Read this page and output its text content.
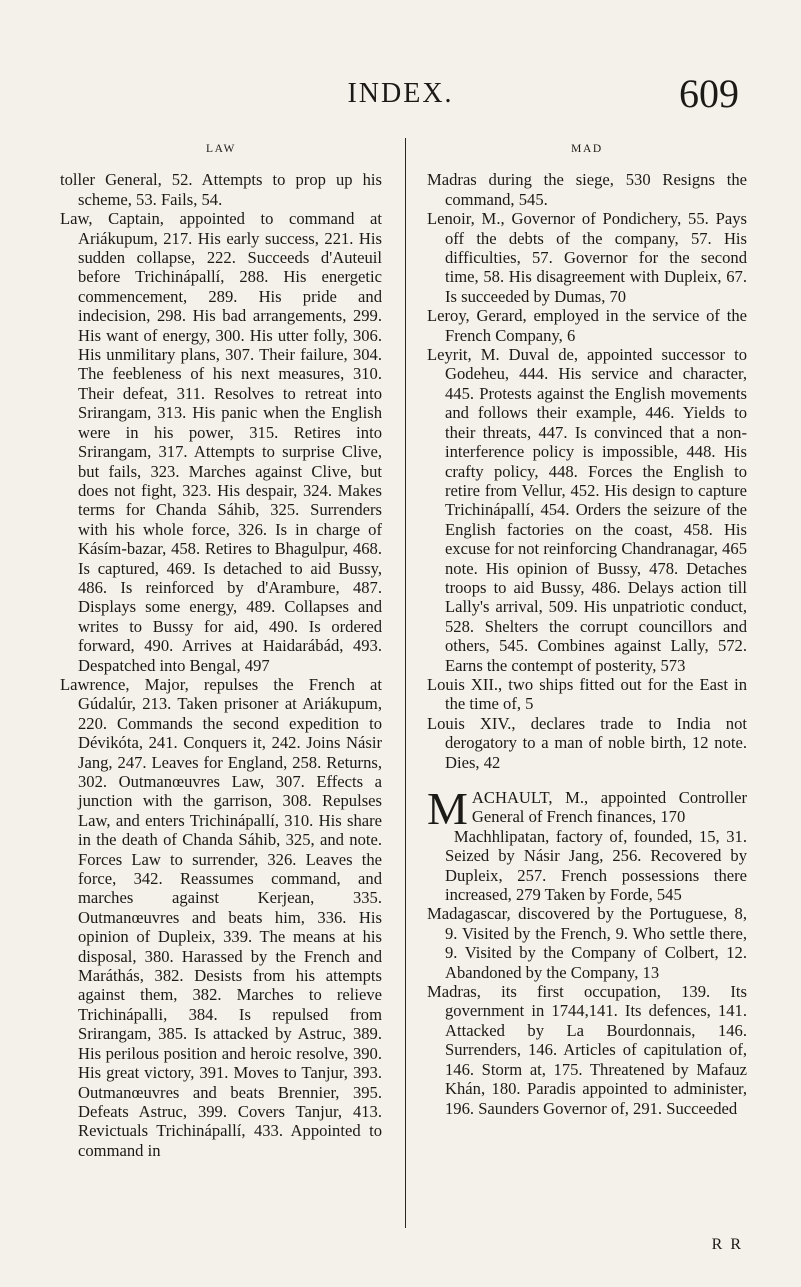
INDEX.	609
LAW

toller General, 52. Attempts to prop up his scheme, 53. Fails, 54.

Law, Captain, appointed to command at Ariákupum, 217. His early success, 221. His sudden collapse, 222. Succeeds d'Auteuil before Trichinápallí, 288. His energetic commencement, 289. His pride and indecision, 298. His bad arrangements, 299. His want of energy, 300. His utter folly, 306. His unmilitary plans, 307. Their failure, 304. The feebleness of his next measures, 310. Their defeat, 311. Resolves to retreat into Srirangam, 313. His panic when the English were in his power, 315. Retires into Srirangam, 317. Attempts to surprise Clive, but fails, 323. Marches against Clive, but does not fight, 323. His despair, 324. Makes terms for Chanda Sáhib, 325. Surrenders with his whole force, 326. Is in charge of Kásím-bazar, 458. Retires to Bhagulpur, 468. Is captured, 469. Is detached to aid Bussy, 486. Is reinforced by d'Arambure, 487. Displays some energy, 489. Collapses and writes to Bussy for aid, 490. Is ordered forward, 490. Arrives at Haidarábád, 493. Despatched into Bengal, 497

Lawrence, Major, repulses the French at Gúdalúr, 213. Taken prisoner at Ariákupum, 220. Commands the second expedition to Dévikóta, 241. Conquers it, 242. Joins Násir Jang, 247. Leaves for England, 258. Returns, 302. Outmanœuvres Law, 307. Effects a junction with the garrison, 308. Repulses Law, and enters Trichinápallí, 310. His share in the death of Chanda Sáhib, 325, and note. Forces Law to surrender, 326. Leaves the force, 342. Reassumes command, and marches against Kerjean, 335. Outmanœuvres and beats him, 336. His opinion of Dupleix, 339. The means at his disposal, 380. Harassed by the French and Maráthás, 382. Desists from his attempts against them, 382. Marches to relieve Trichinápalli, 384. Is repulsed from Srirangam, 385. Is attacked by Astruc, 389. His perilous position and heroic resolve, 390. His great victory, 391. Moves to Tanjur, 393. Outmanœuvres and beats Brennier, 395. Defeats Astruc, 399. Covers Tanjur, 413. Revictuals Trichinápallí, 433. Appointed to command in

MAD

Madras during the siege, 530 Resigns the command, 545.

Lenoir, M., Governor of Pondichery, 55. Pays off the debts of the company, 57. His difficulties, 57. Governor for the second time, 58. His disagreement with Dupleix, 67. Is succeeded by Dumas, 70

Leroy, Gerard, employed in the service of the French Company, 6

Leyrit, M. Duval de, appointed successor to Godeheu, 444. His service and character, 445. Protests against the English movements and follows their example, 446. Yields to their threats, 447. Is convinced that a non-interference policy is impossible, 448. His crafty policy, 448. Forces the English to retire from Vellur, 452. His design to capture Trichinápallí, 454. Orders the seizure of the English factories on the coast, 458. His excuse for not reinforcing Chandranagar, 465 note. His opinion of Bussy, 478. Detaches troops to aid Bussy, 486. Delays action till Lally's arrival, 509. His unpatriotic conduct, 528. Shelters the corrupt councillors and others, 545. Combines against Lally, 572. Earns the contempt of posterity, 573

Louis XII., two ships fitted out for the East in the time of, 5

Louis XIV., declares trade to India not derogatory to a man of noble birth, 12 note. Dies, 42

MACHAULT, M., appointed Controller General of French finances, 170

Machhlipatan, factory of, founded, 15, 31. Seized by Násir Jang, 256. Recovered by Dupleix, 257. French possessions there increased, 279 Taken by Forde, 545

Madagascar, discovered by the Portuguese, 8, 9. Visited by the French, 9. Who settle there, 9. Visited by the Company of Colbert, 12. Abandoned by the Company, 13

Madras, its first occupation, 139. Its government in 1744,141. Its defences, 141. Attacked by La Bourdonnais, 146. Surrenders, 146. Articles of capitulation of, 146. Storm at, 175. Threatened by Mafauz Khán, 180. Paradis appointed to administer, 196. Saunders Governor of, 291. Succeeded

R R
